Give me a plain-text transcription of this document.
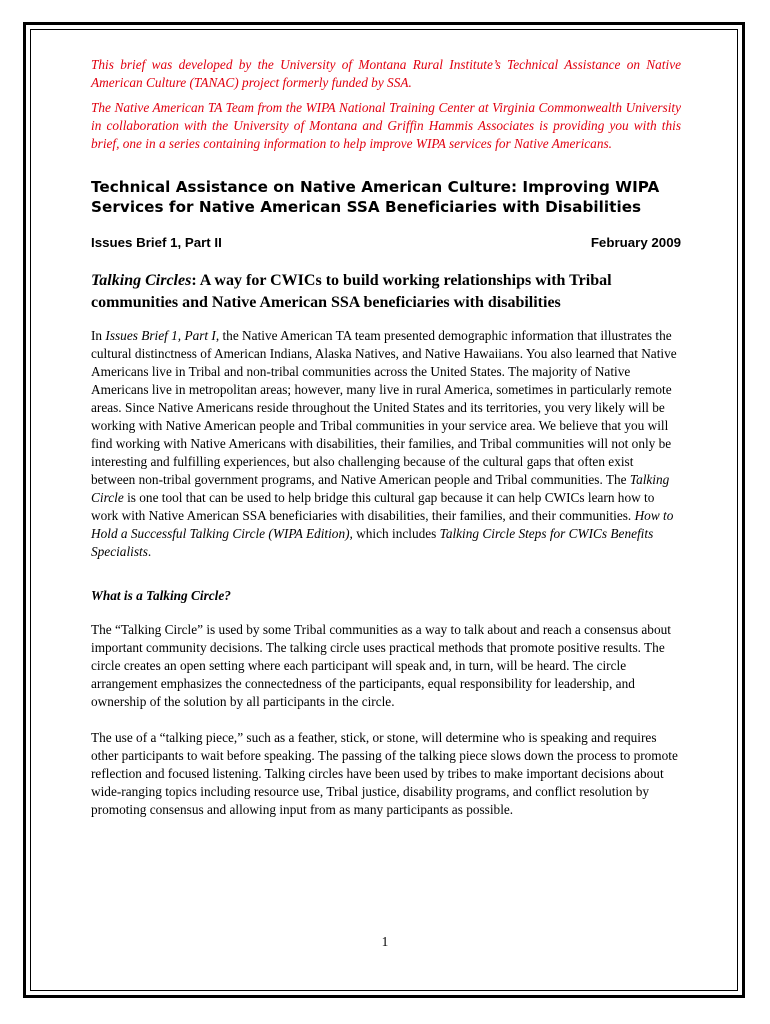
This brief was developed by the University of Montana Rural Institute’s Technical Assistance on Native American Culture (TANAC) project formerly funded by SSA.

The Native American TA Team from the WIPA National Training Center at Virginia Commonwealth University in collaboration with the University of Montana and Griffin Hammis Associates is providing you with this brief, one in a series containing information to help improve WIPA services for Native Americans.

Technical Assistance on Native American Culture: Improving WIPA Services for Native American SSA Beneficiaries with Disabilities
Issues Brief 1, Part II	February 2009
Talking Circles: A way for CWICs to build working relationships with Tribal communities and Native American SSA beneficiaries with disabilities

In Issues Brief 1, Part I, the Native American TA team presented demographic information that illustrates the cultural distinctness of American Indians, Alaska Natives, and Native Hawaiians. You also learned that Native Americans live in Tribal and non-tribal communities across the United States. The majority of Native Americans live in metropolitan areas; however, many live in rural America, sometimes in particularly remote areas. Since Native Americans reside throughout the United States and its territories, you very likely will be working with Native American people and Tribal communities in your service area. We believe that you will find working with Native Americans with disabilities, their families, and Tribal communities will not only be interesting and fulfilling experiences, but also challenging because of the cultural gaps that often exist between non-tribal government programs, and Native American people and Tribal communities. The Talking Circle is one tool that can be used to help bridge this cultural gap because it can help CWICs learn how to work with Native American SSA beneficiaries with disabilities, their families, and their communities. How to Hold a Successful Talking Circle (WIPA Edition), which includes Talking Circle Steps for CWICs Benefits Specialists.

What is a Talking Circle?

The “Talking Circle” is used by some Tribal communities as a way to talk about and reach a consensus about important community decisions. The talking circle uses practical methods that promote positive results. The circle creates an open setting where each participant will speak and, in turn, will be heard. The circle arrangement emphasizes the connectedness of the participants, equal responsibility for leadership, and ownership of the solution by all participants in the circle.

The use of a “talking piece,” such as a feather, stick, or stone, will determine who is speaking and requires other participants to wait before speaking. The passing of the talking piece slows down the process to promote reflection and focused listening. Talking circles have been used by tribes to make important decisions about wide-ranging topics including resource use, Tribal justice, disability programs, and conflict resolution by promoting consensus and allowing input from as many participants as possible.

1
